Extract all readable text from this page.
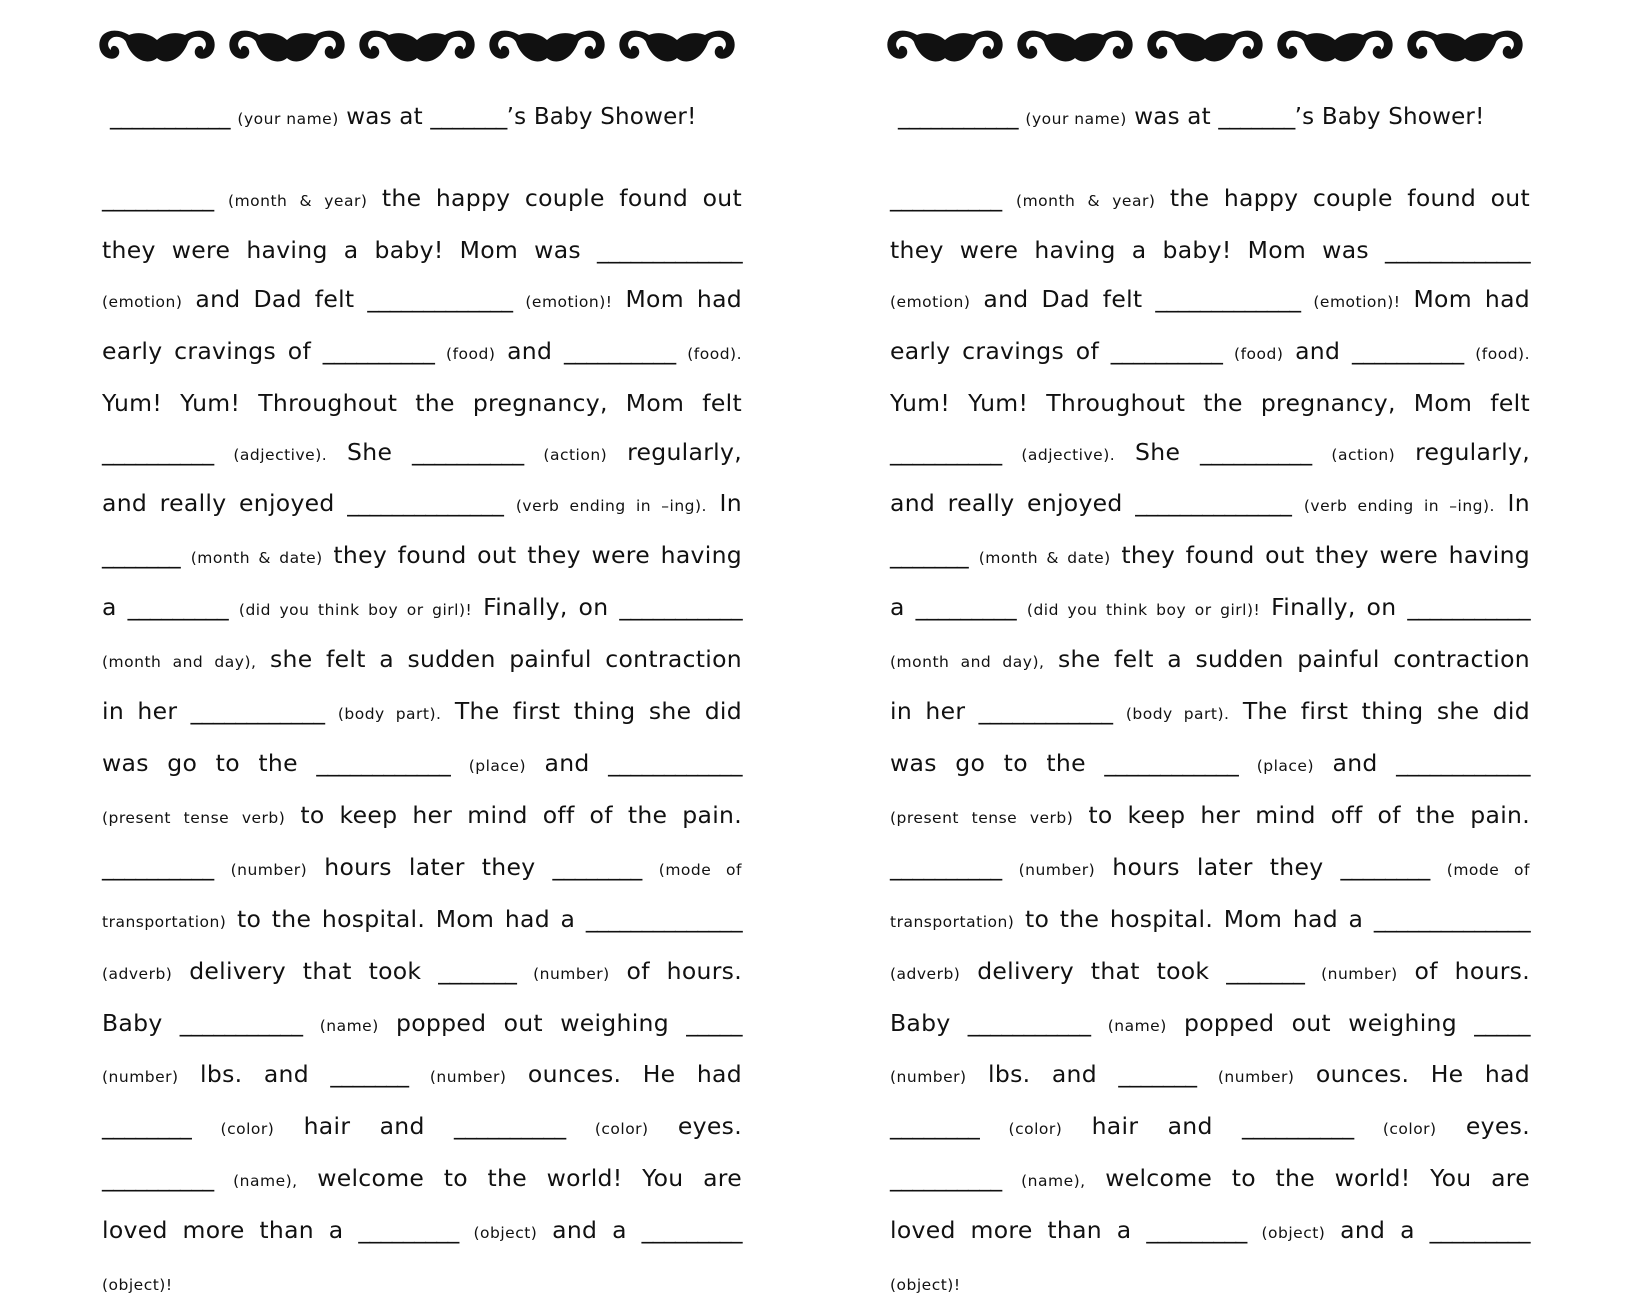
___________ (your name) was at _______’s Baby Shower!
__________ (month & year) the happy couple found out they were having a baby! Mom was _____________ (emotion) and Dad felt _____________ (emotion)! Mom had early cravings of __________ (food) and __________ (food). Yum! Yum! Throughout the pregnancy, Mom felt __________ (adjective). She __________ (action) regularly, and really enjoyed ______________ (verb ending in –ing). In _______ (month & date) they found out they were having a _________ (did you think boy or girl)! Finally, on ___________ (month and day), she felt a sudden painful contraction in her ____________ (body part). The first thing she did was go to the ____________ (place) and ____________ (present tense verb) to keep her mind off of the pain. __________ (number) hours later they ________ (mode of transportation) to the hospital. Mom had a ______________ (adverb) delivery that took _______ (number) of hours. Baby ___________ (name) popped out weighing _____ (number) lbs. and _______ (number) ounces. He had ________ (color) hair and __________ (color) eyes. __________ (name), welcome to the world! You are loved more than a _________ (object) and a _________ (object)!
___________ (your name) was at _______’s Baby Shower!
__________ (month & year) the happy couple found out they were having a baby! Mom was _____________ (emotion) and Dad felt _____________ (emotion)! Mom had early cravings of __________ (food) and __________ (food). Yum! Yum! Throughout the pregnancy, Mom felt __________ (adjective). She __________ (action) regularly, and really enjoyed ______________ (verb ending in –ing). In _______ (month & date) they found out they were having a _________ (did you think boy or girl)! Finally, on ___________ (month and day), she felt a sudden painful contraction in her ____________ (body part). The first thing she did was go to the ____________ (place) and ____________ (present tense verb) to keep her mind off of the pain. __________ (number) hours later they ________ (mode of transportation) to the hospital. Mom had a ______________ (adverb) delivery that took _______ (number) of hours. Baby ___________ (name) popped out weighing _____ (number) lbs. and _______ (number) ounces. He had ________ (color) hair and __________ (color) eyes. __________ (name), welcome to the world! You are loved more than a _________ (object) and a _________ (object)!
